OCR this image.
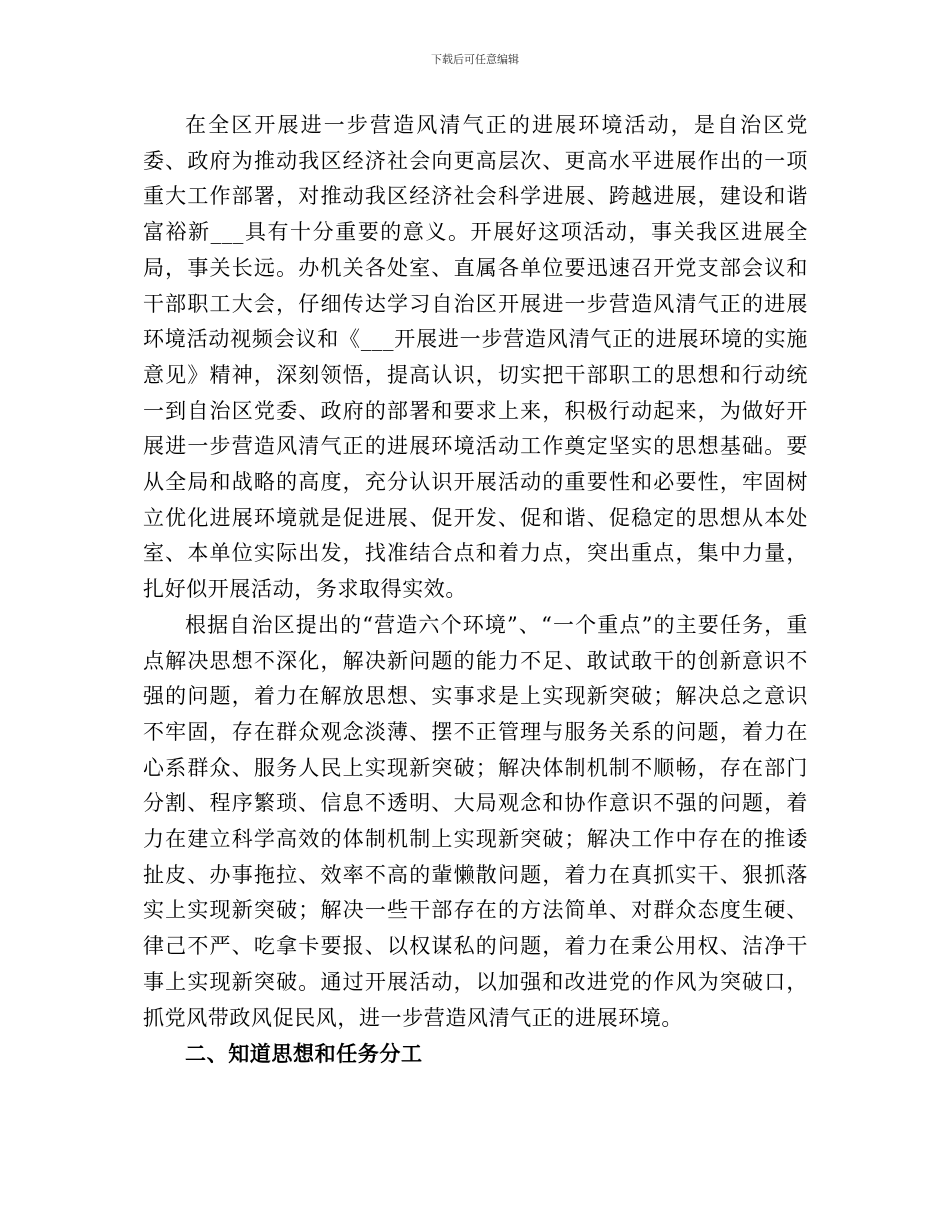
下载后可任意编辑

在全区开展进一步营造风清气正的进展环境活动，是自治区党委、政府为推动我区经济社会向更高层次、更高水平进展作出的一项重大工作部署，对推动我区经济社会科学进展、跨越进展，建设和谐富裕新___具有十分重要的意义。开展好这项活动，事关我区进展全局，事关长远。办机关各处室、直属各单位要迅速召开党支部会议和干部职工大会，仔细传达学习自治区开展进一步营造风清气正的进展环境活动视频会议和《___开展进一步营造风清气正的进展环境的实施意见》精神，深刻领悟，提高认识，切实把干部职工的思想和行动统一到自治区党委、政府的部署和要求上来，积极行动起来，为做好开展进一步营造风清气正的进展环境活动工作奠定坚实的思想基础。要从全局和战略的高度，充分认识开展活动的重要性和必要性，牢固树立优化进展环境就是促进展、促开发、促和谐、促稳定的思想从本处室、本单位实际出发，找准结合点和着力点，突出重点，集中力量，扎好似开展活动，务求取得实效。

根据自治区提出的“营造六个环境”、“一个重点”的主要任务，重点解决思想不深化，解决新问题的能力不足、敢试敢干的创新意识不强的问题，着力在解放思想、实事求是上实现新突破；解决总之意识不牢固，存在群众观念淡薄、摆不正管理与服务关系的问题，着力在心系群众、服务人民上实现新突破；解决体制机制不顺畅，存在部门分割、程序繁琐、信息不透明、大局观念和协作意识不强的问题，着力在建立科学高效的体制机制上实现新突破；解决工作中存在的推诿扯皮、办事拖拉、效率不高的軰懒散问题，着力在真抓实干、狠抓落实上实现新突破；解决一些干部存在的方法简单、对群众态度生硬、律己不严、吃拿卡要报、以权谋私的问题，着力在秉公用权、洁净干事上实现新突破。通过开展活动，以加强和改进党的作风为突破口，抓党风带政风促民风，进一步营造风清气正的进展环境。

二、知道思想和任务分工
